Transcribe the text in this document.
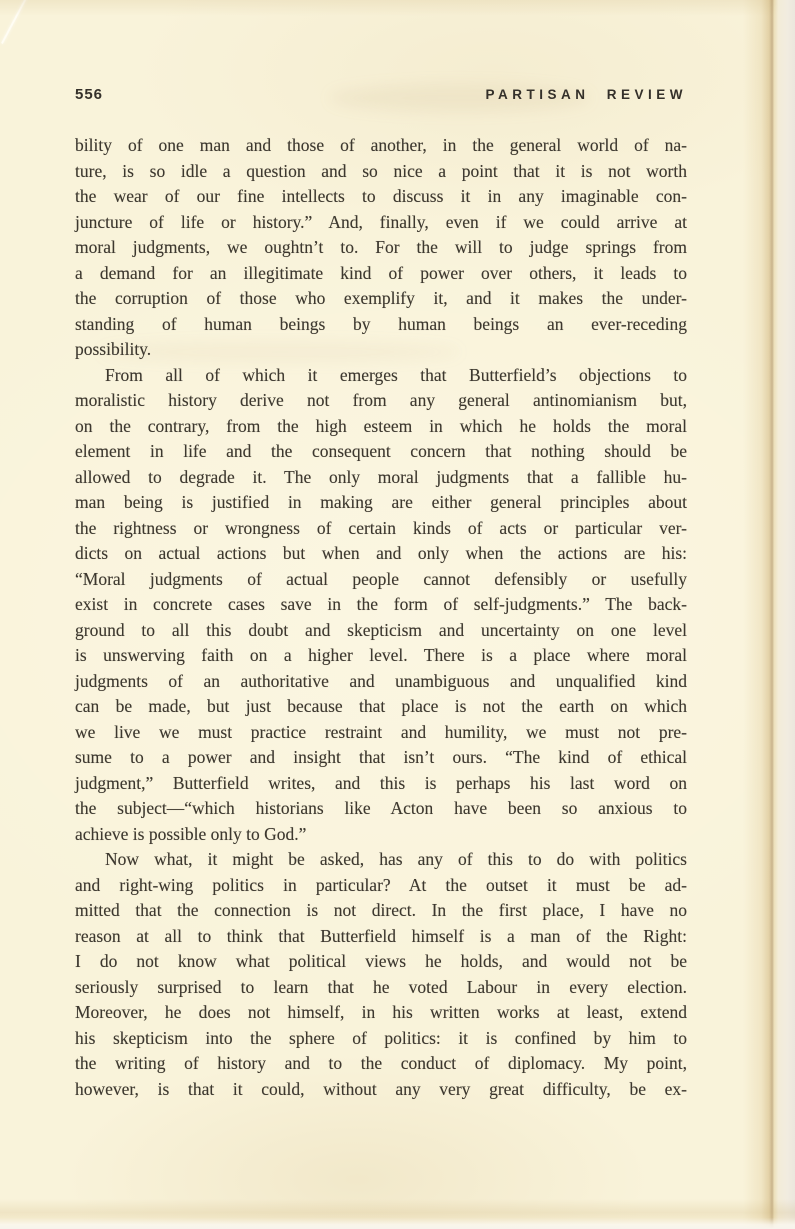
556	PARTISAN REVIEW
bility of one man and those of another, in the general world of na-
ture, is so idle a question and so nice a point that it is not worth
the wear of our fine intellects to discuss it in any imaginable con-
juncture of life or history.” And, finally, even if we could arrive at
moral judgments, we oughtn’t to. For the will to judge springs from
a demand for an illegitimate kind of power over others, it leads to
the corruption of those who exemplify it, and it makes the under-
standing of human beings by human beings an ever-receding
possibility.
From all of which it emerges that Butterfield’s objections to
moralistic history derive not from any general antinomianism but,
on the contrary, from the high esteem in which he holds the moral
element in life and the consequent concern that nothing should be
allowed to degrade it. The only moral judgments that a fallible hu-
man being is justified in making are either general principles about
the rightness or wrongness of certain kinds of acts or particular ver-
dicts on actual actions but when and only when the actions are his:
“Moral judgments of actual people cannot defensibly or usefully
exist in concrete cases save in the form of self-judgments.” The back-
ground to all this doubt and skepticism and uncertainty on one level
is unswerving faith on a higher level. There is a place where moral
judgments of an authoritative and unambiguous and unqualified kind
can be made, but just because that place is not the earth on which
we live we must practice restraint and humility, we must not pre-
sume to a power and insight that isn’t ours. “The kind of ethical
judgment,” Butterfield writes, and this is perhaps his last word on
the subject—“which historians like Acton have been so anxious to
achieve is possible only to God.”
Now what, it might be asked, has any of this to do with politics
and right-wing politics in particular? At the outset it must be ad-
mitted that the connection is not direct. In the first place, I have no
reason at all to think that Butterfield himself is a man of the Right:
I do not know what political views he holds, and would not be
seriously surprised to learn that he voted Labour in every election.
Moreover, he does not himself, in his written works at least, extend
his skepticism into the sphere of politics: it is confined by him to
the writing of history and to the conduct of diplomacy. My point,
however, is that it could, without any very great difficulty, be ex-
